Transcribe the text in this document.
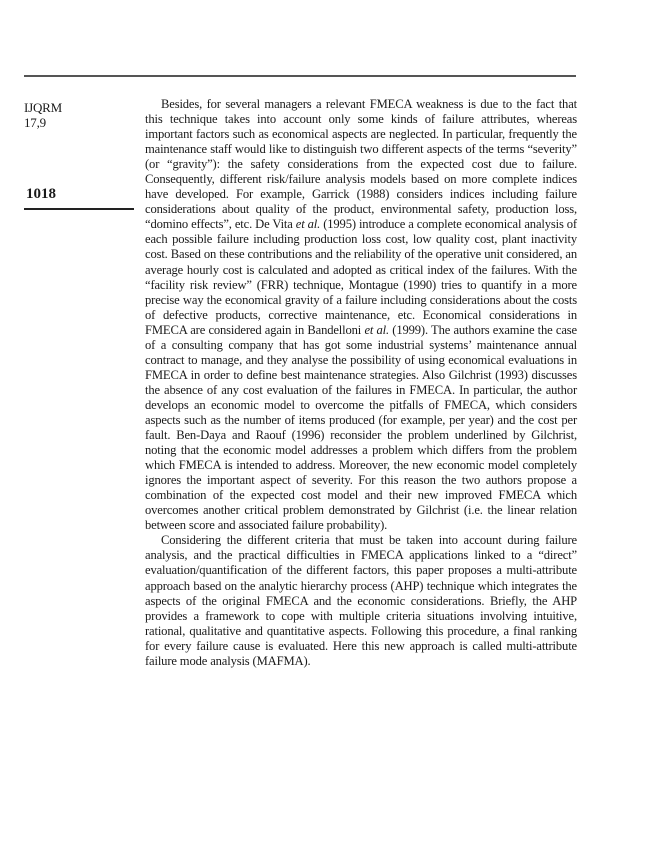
IJQRM
17,9
1018

Besides, for several managers a relevant FMECA weakness is due to the fact that this technique takes into account only some kinds of failure attributes, whereas important factors such as economical aspects are neglected. In particular, frequently the maintenance staff would like to distinguish two different aspects of the terms “severity” (or “gravity”): the safety considerations from the expected cost due to failure. Consequently, different risk/failure analysis models based on more complete indices have developed. For example, Garrick (1988) considers indices including failure considerations about quality of the product, environmental safety, production loss, “domino effects”, etc. De Vita et al. (1995) introduce a complete economical analysis of each possible failure including production loss cost, low quality cost, plant inactivity cost. Based on these contributions and the reliability of the operative unit considered, an average hourly cost is calculated and adopted as critical index of the failures. With the “facility risk review” (FRR) technique, Montague (1990) tries to quantify in a more precise way the economical gravity of a failure including considerations about the costs of defective products, corrective maintenance, etc. Economical considerations in FMECA are considered again in Bandelloni et al. (1999). The authors examine the case of a consulting company that has got some industrial systems’ maintenance annual contract to manage, and they analyse the possibility of using economical evaluations in FMECA in order to define best maintenance strategies. Also Gilchrist (1993) discusses the absence of any cost evaluation of the failures in FMECA. In particular, the author develops an economic model to overcome the pitfalls of FMECA, which considers aspects such as the number of items produced (for example, per year) and the cost per fault. Ben-Daya and Raouf (1996) reconsider the problem underlined by Gilchrist, noting that the economic model addresses a problem which differs from the problem which FMECA is intended to address. Moreover, the new economic model completely ignores the important aspect of severity. For this reason the two authors propose a combination of the expected cost model and their new improved FMECA which overcomes another critical problem demonstrated by Gilchrist (i.e. the linear relation between score and associated failure probability).

Considering the different criteria that must be taken into account during failure analysis, and the practical difficulties in FMECA applications linked to a “direct” evaluation/quantification of the different factors, this paper proposes a multi-attribute approach based on the analytic hierarchy process (AHP) technique which integrates the aspects of the original FMECA and the economic considerations. Briefly, the AHP provides a framework to cope with multiple criteria situations involving intuitive, rational, qualitative and quantitative aspects. Following this procedure, a final ranking for every failure cause is evaluated. Here this new approach is called multi-attribute failure mode analysis (MAFMA).
